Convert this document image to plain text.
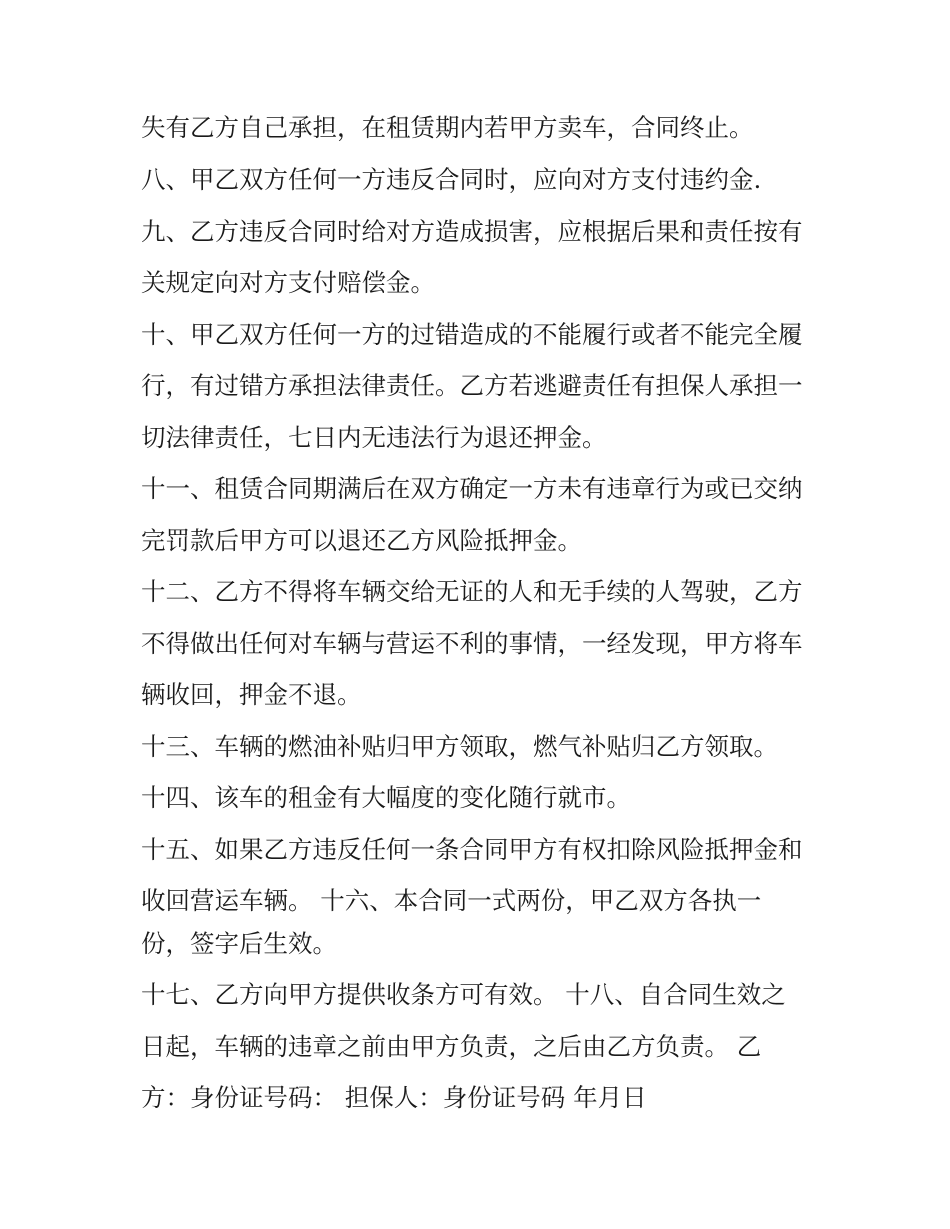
失有乙方自己承担，在租赁期内若甲方卖车，合同终止。
八、甲乙双方任何一方违反合同时，应向对方支付违约金.
九、乙方违反合同时给对方造成损害，应根据后果和责任按有
关规定向对方支付赔偿金。
十、甲乙双方任何一方的过错造成的不能履行或者不能完全履
行，有过错方承担法律责任。乙方若逃避责任有担保人承担一
切法律责任，七日内无违法行为退还押金。
十一、租赁合同期满后在双方确定一方未有违章行为或已交纳
完罚款后甲方可以退还乙方风险抵押金。
十二、乙方不得将车辆交给无证的人和无手续的人驾驶，乙方
不得做出任何对车辆与营运不利的事情，一经发现，甲方将车
辆收回，押金不退。
十三、车辆的燃油补贴归甲方领取，燃气补贴归乙方领取。
十四、该车的租金有大幅度的变化随行就市。
十五、如果乙方违反任何一条合同甲方有权扣除风险抵押金和
收回营运车辆。 十六、本合同一式两份，甲乙双方各执一
份，签字后生效。
十七、乙方向甲方提供收条方可有效。 十八、自合同生效之
日起，车辆的违章之前由甲方负责，之后由乙方负责。 乙
方：身份证号码： 担保人：身份证号码 年月日
